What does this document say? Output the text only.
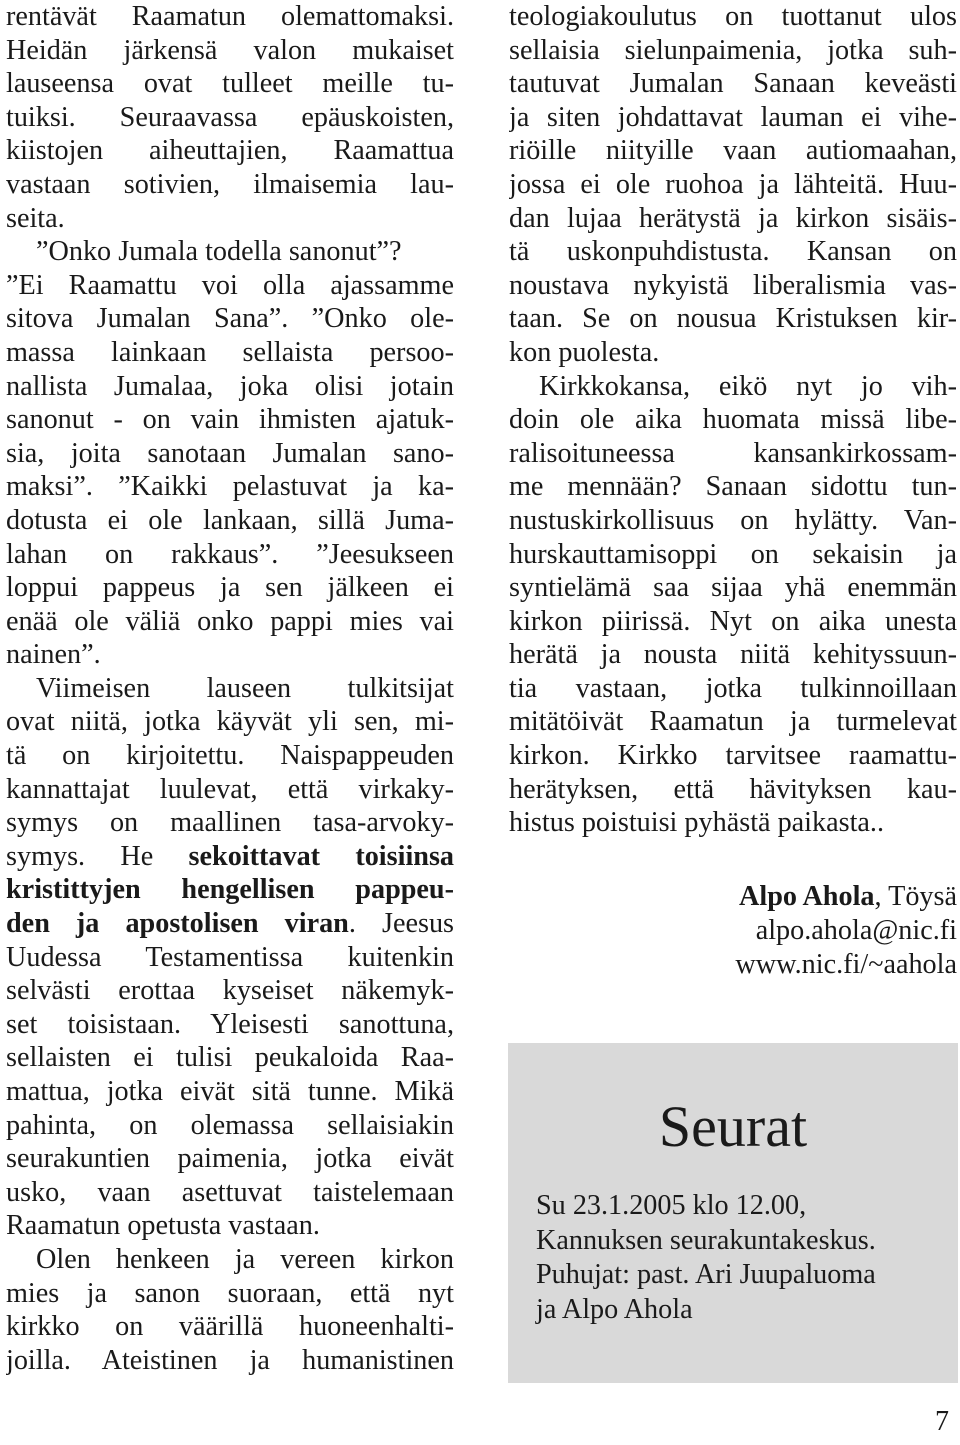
rentävät Raamatun olemattomaksi.
Heidän järkensä valon mukaiset
lauseensa ovat tulleet meille tu-
tuiksi. Seuraavassa epäuskoisten,
kiistojen aiheuttajien, Raamattua
vastaan sotivien, ilmaisemia lau-
seita.
”Onko Jumala todella sanonut”?
”Ei Raamattu voi olla ajassamme
sitova Jumalan Sana”. ”Onko ole-
massa lainkaan sellaista persoo-
nallista Jumalaa, joka olisi jotain
sanonut - on vain ihmisten ajatuk-
sia, joita sanotaan Jumalan sano-
maksi”. ”Kaikki pelastuvat ja ka-
dotusta ei ole lankaan, sillä Juma-
lahan on rakkaus”. ”Jeesukseen
loppui pappeus ja sen jälkeen ei
enää ole väliä onko pappi mies vai
nainen”.
Viimeisen lauseen tulkitsijat
ovat niitä, jotka käyvät yli sen, mi-
tä on kirjoitettu. Naispappeuden
kannattajat luulevat, että virkaky-
symys on maallinen tasa-arvoky-
symys. He sekoittavat toisiinsa
kristittyjen hengellisen pappeu-
den ja apostolisen viran. Jeesus
Uudessa Testamentissa kuitenkin
selvästi erottaa kyseiset näkemyk-
set toisistaan. Yleisesti sanottuna,
sellaisten ei tulisi peukaloida Raa-
mattua, jotka eivät sitä tunne. Mikä
pahinta, on olemassa sellaisiakin
seurakuntien paimenia, jotka eivät
usko, vaan asettuvat taistelemaan
Raamatun opetusta vastaan.
Olen henkeen ja vereen kirkon
mies ja sanon suoraan, että nyt
kirkko on väärillä huoneenhalti-
joilla. Ateistinen ja humanistinen
teologiakoulutus on tuottanut ulos
sellaisia sielunpaimenia, jotka suh-
tautuvat Jumalan Sanaan keveästi
ja siten johdattavat lauman ei vihe-
riöille niityille vaan autiomaahan,
jossa ei ole ruohoa ja lähteitä. Huu-
dan lujaa herätystä ja kirkon sisäis-
tä uskonpuhdistusta. Kansan on
noustava nykyistä liberalismia vas-
taan. Se on nousua Kristuksen kir-
kon puolesta.
Kirkkokansa, eikö nyt jo vih-
doin ole aika huomata missä libe-
ralisoituneessa kansankirkossam-
me mennään? Sanaan sidottu tun-
nustuskirkollisuus on hylätty. Van-
hurskauttamisoppi on sekaisin ja
syntielämä saa sijaa yhä enemmän
kirkon piirissä. Nyt on aika unesta
herätä ja nousta niitä kehityssuun-
tia vastaan, jotka tulkinnoillaan
mitätöivät Raamatun ja turmelevat
kirkon. Kirkko tarvitsee raamattu-
herätyksen, että hävityksen kau-
histus poistuisi pyhästä paikasta..
Alpo Ahola, Töysä
alpo.ahola@nic.fi
www.nic.fi/~aahola
Seurat
Su 23.1.2005 klo 12.00,
Kannuksen seurakuntakeskus.
Puhujat: past. Ari Juupaluoma
ja Alpo Ahola
7
